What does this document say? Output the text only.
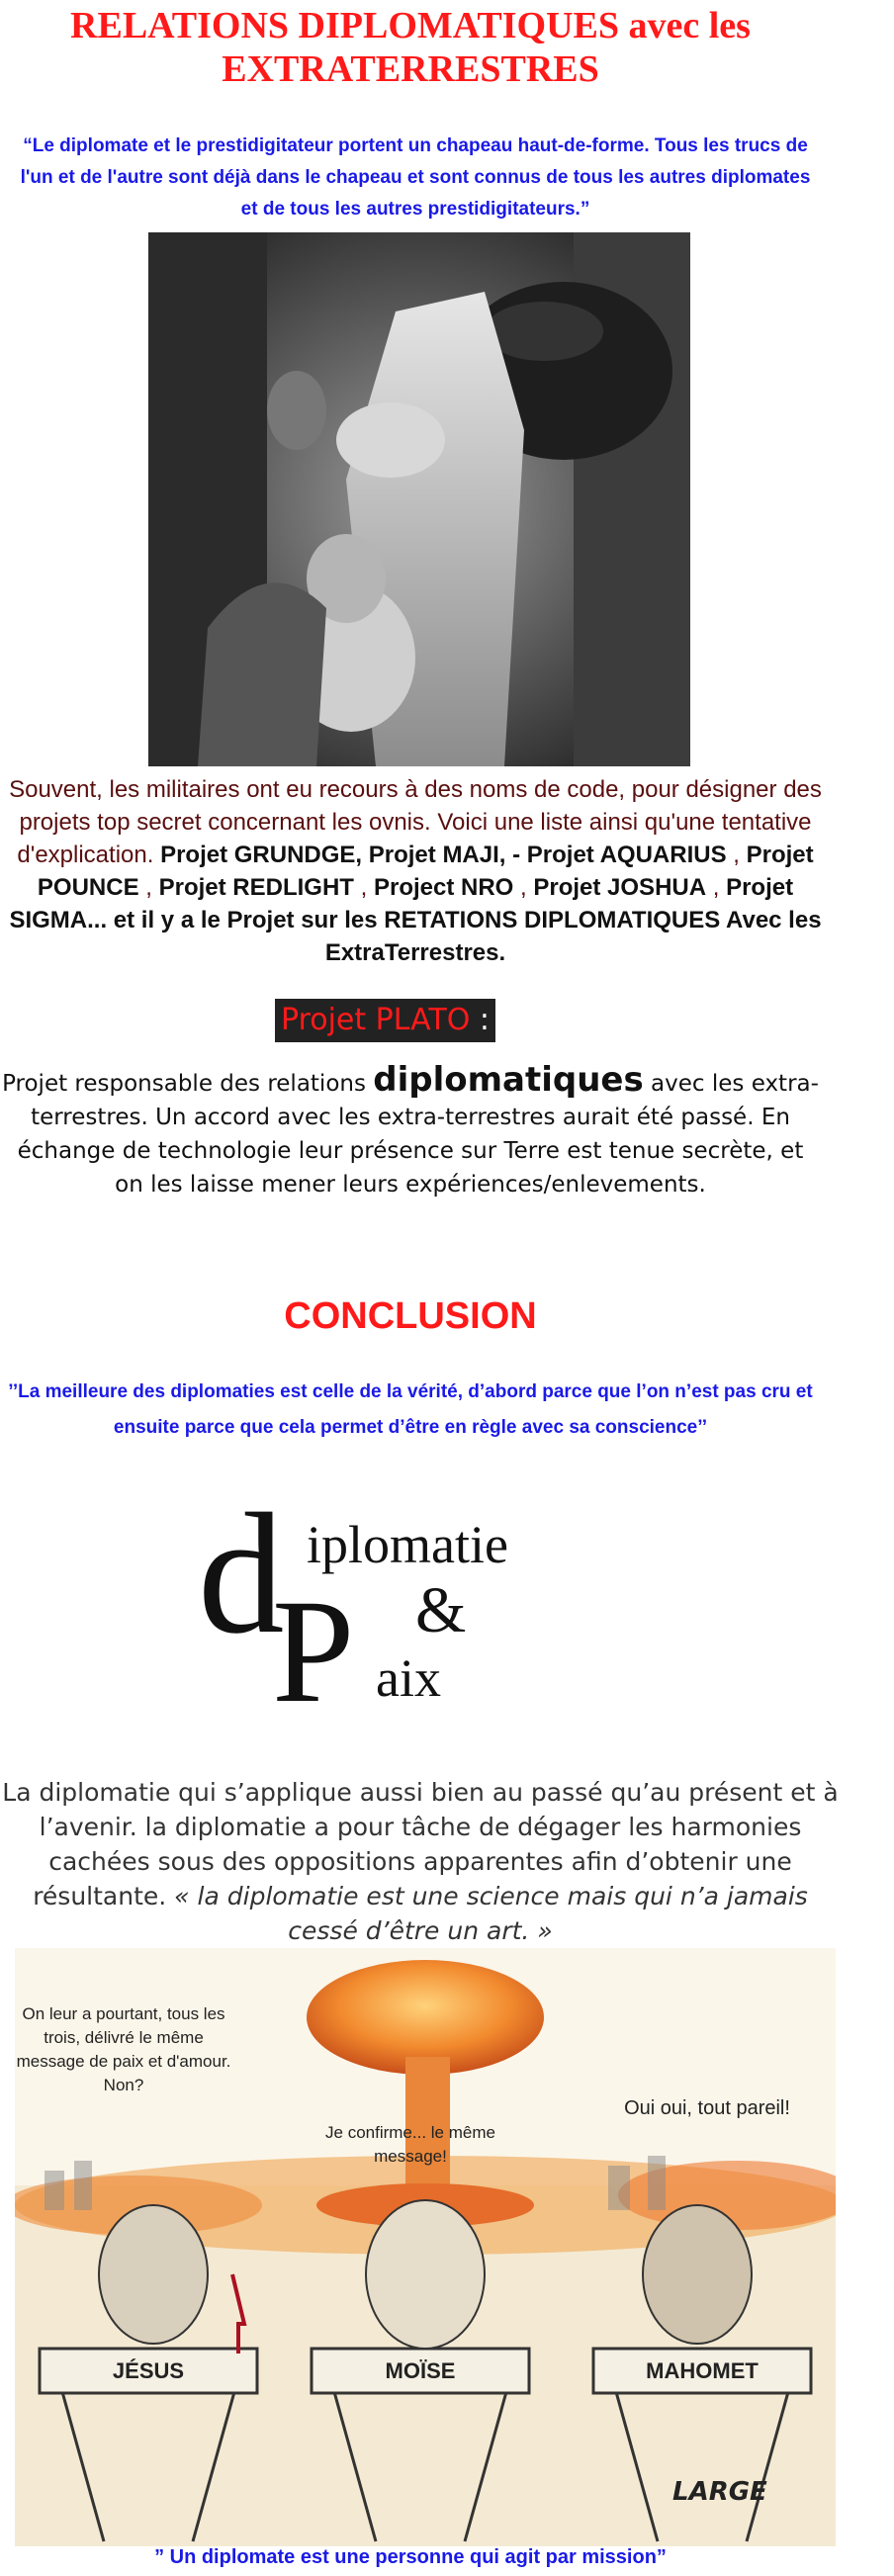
RELATIONS DIPLOMATIQUES avec les EXTRATERRESTRES
“Le diplomate et le prestidigitateur portent un chapeau haut-de-forme. Tous les trucs de l'un et de l'autre sont déjà dans le chapeau et sont connus de tous les autres diplomates et de tous les autres prestidigitateurs.”
Souvent, les militaires ont eu recours à des noms de code, pour désigner des projets top secret concernant les ovnis. Voici une liste ainsi qu'une tentative d'explication. Projet GRUNDGE, Projet MAJI, - Projet AQUARIUS , Projet POUNCE , Projet REDLIGHT , Project NRO , Projet JOSHUA , Projet SIGMA... et il y a le Projet sur les RETATIONS DIPLOMATIQUES Avec les ExtraTerrestres.
Projet PLATO :
Projet responsable des relations diplomatiques avec les extra-terrestres. Un accord avec les extra-terrestres aurait été passé. En échange de technologie leur présence sur Terre est tenue secrète, et on les laisse mener leurs expériences/enlevements.
CONCLUSION
’’La meilleure des diplomaties est celle de la vérité, d’abord parce que l’on n’est pas cru et ensuite parce que cela permet d’être en règle avec sa conscience’’
d iplomatie
&
P aix
La diplomatie qui s’applique aussi bien au passé qu’au présent et à l’avenir. la diplomatie a pour tâche de dégager les harmonies cachées sous des oppositions apparentes afin d’obtenir une résultante. « la diplomatie est une science mais qui n’a jamais cessé d’être un art. »
On leur a pourtant, tous les trois, délivré le même message de paix et d'amour. Non?
Je confirme... le même message!
Oui oui, tout pareil!
JÉSUS	MOÏSE	MAHOMET
LARGE
” Un diplomate est une personne qui agit par mission”
